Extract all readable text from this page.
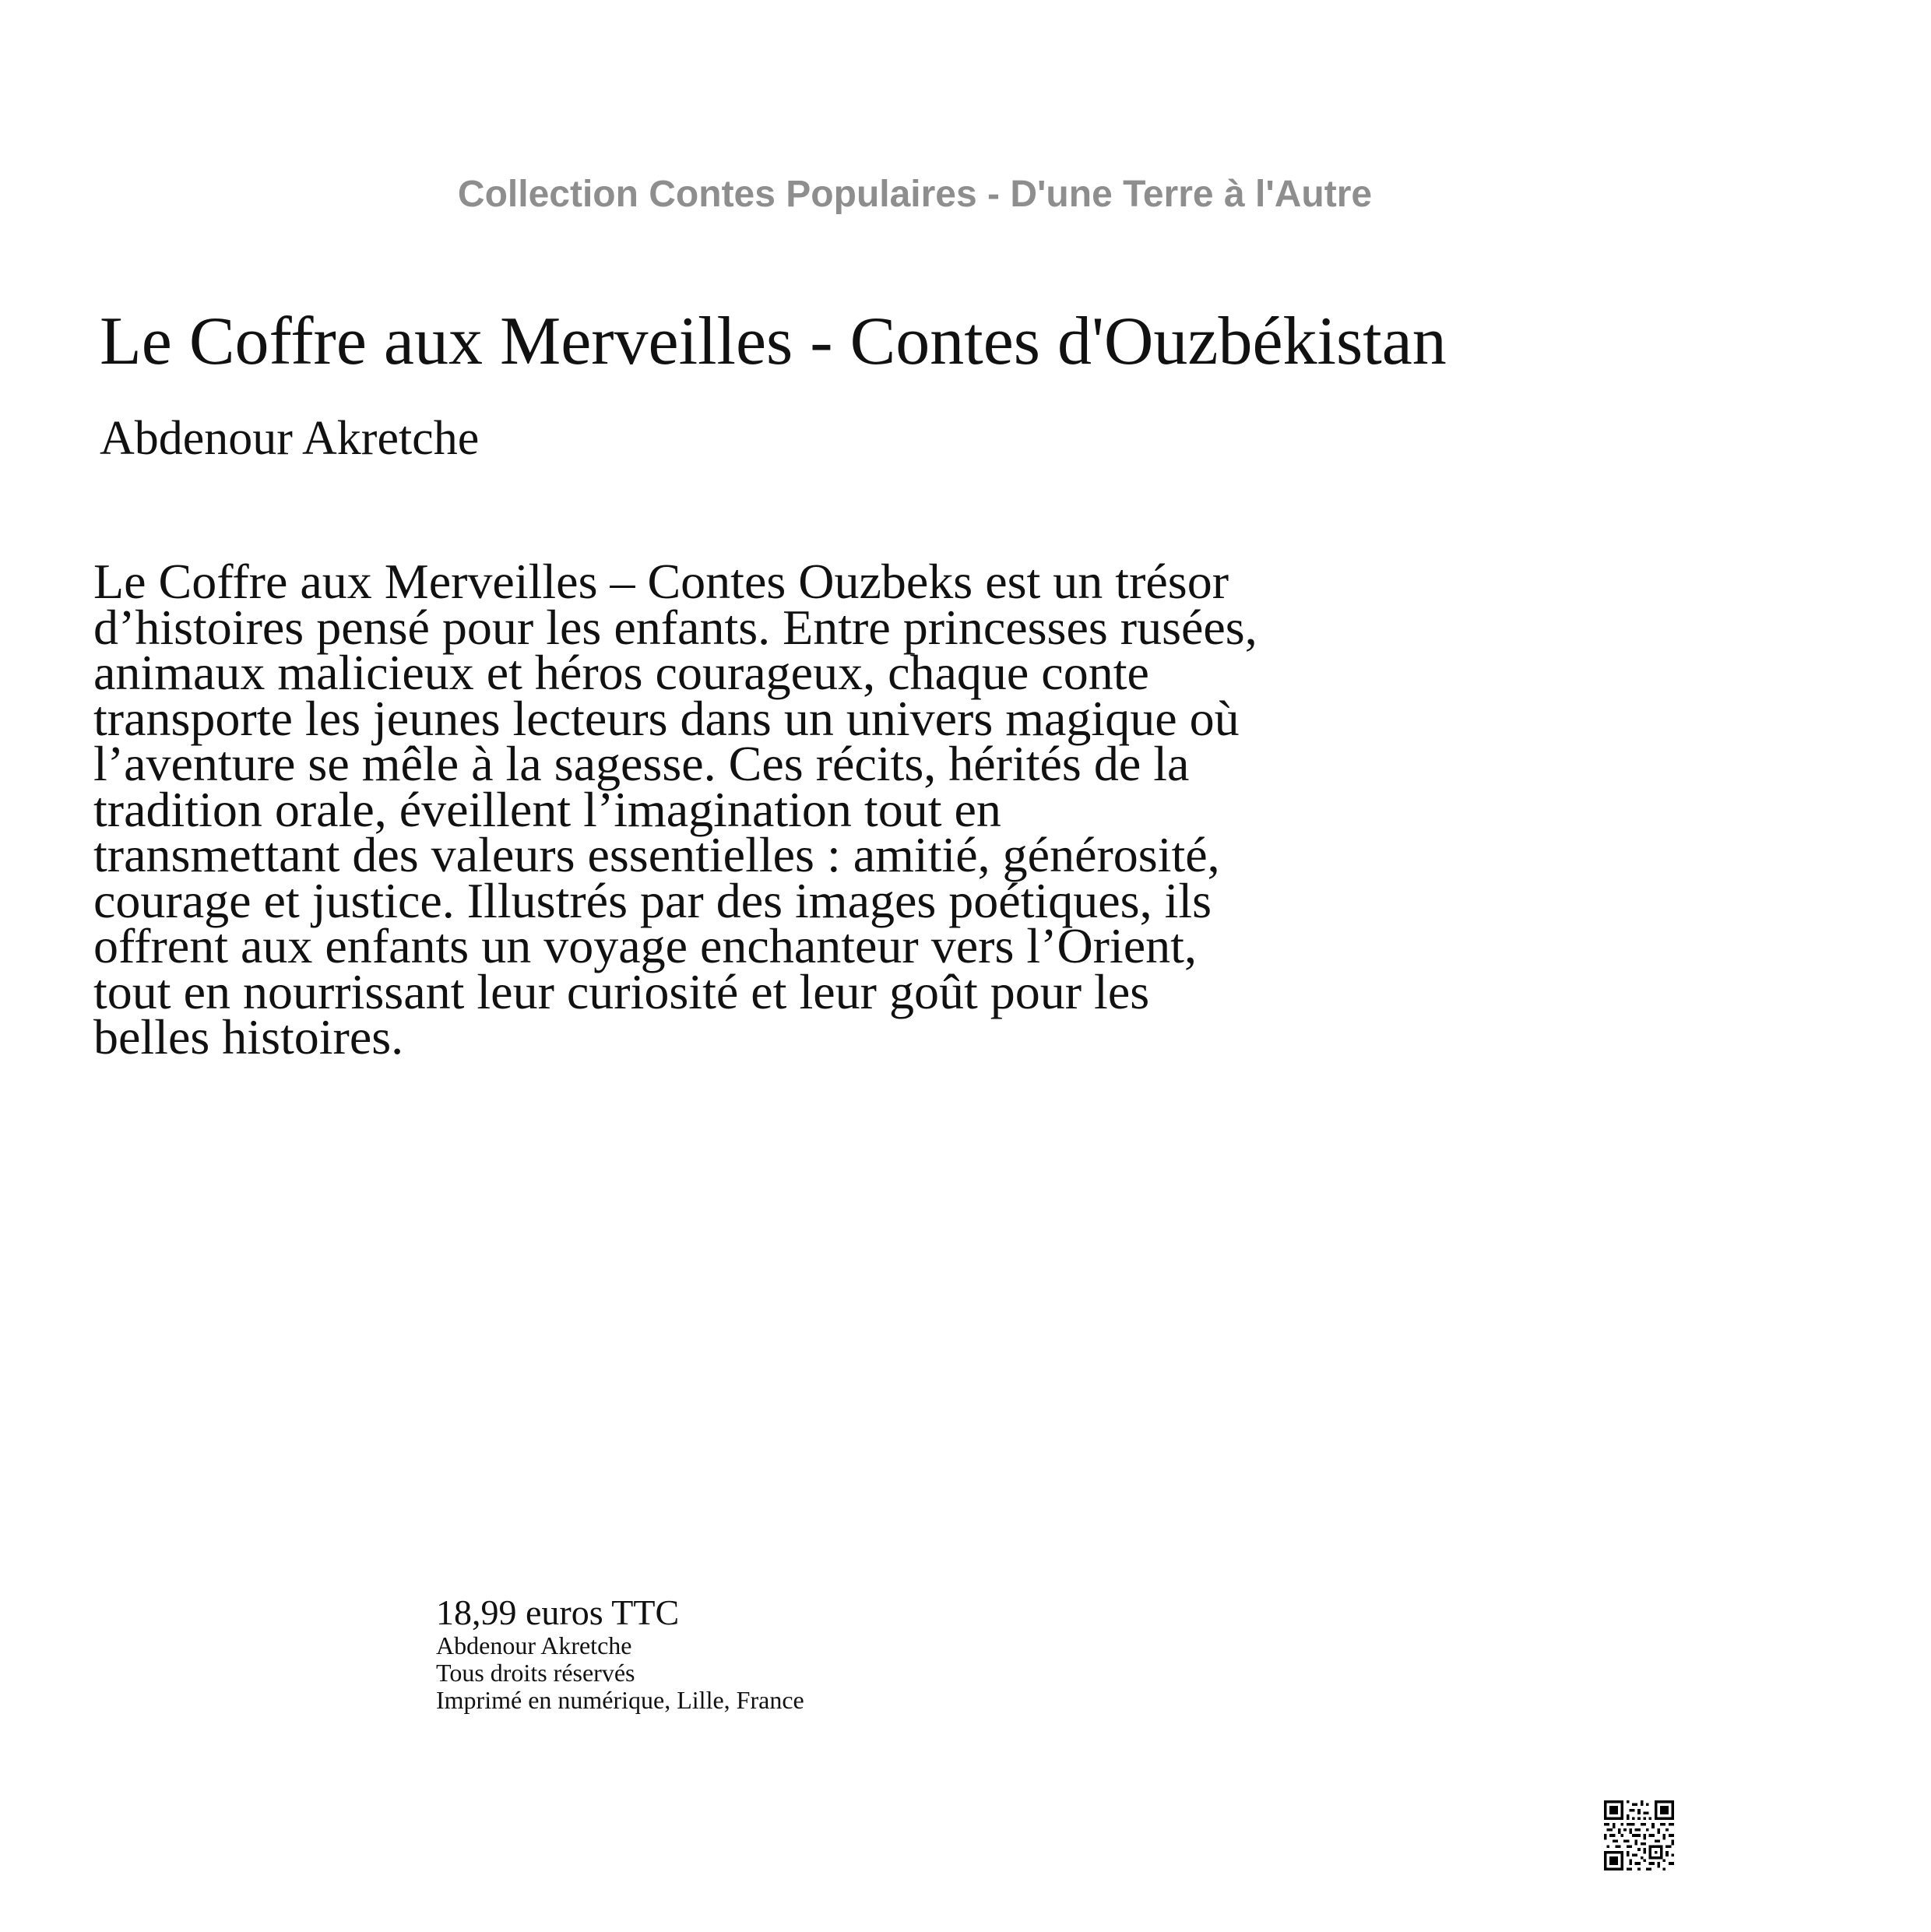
Collection Contes Populaires - D'une Terre à l'Autre
Le Coffre aux Merveilles - Contes d'Ouzbékistan
Abdenour Akretche
Le Coffre aux Merveilles – Contes Ouzbeks est un trésor
d’histoires pensé pour les enfants. Entre princesses rusées,
animaux malicieux et héros courageux, chaque conte
transporte les jeunes lecteurs dans un univers magique où
l’aventure se mêle à la sagesse. Ces récits, hérités de la
tradition orale, éveillent l’imagination tout en
transmettant des valeurs essentielles : amitié, générosité,
courage et justice. Illustrés par des images poétiques, ils
offrent aux enfants un voyage enchanteur vers l’Orient,
tout en nourrissant leur curiosité et leur goût pour les
belles histoires.
18,99 euros TTC
Abdenour Akretche
Tous droits réservés
Imprimé en numérique, Lille, France
